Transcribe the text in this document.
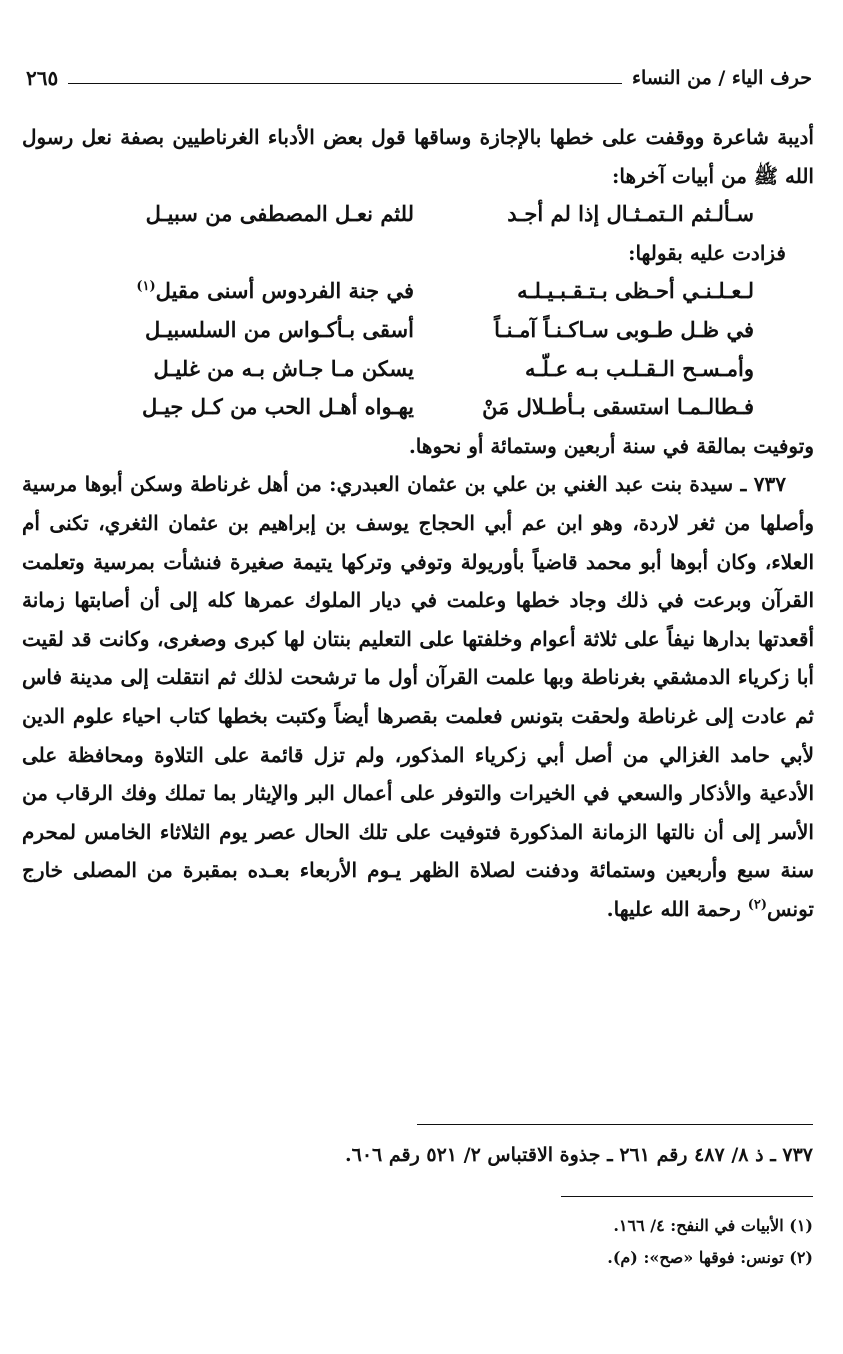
حرف الياء / من النساء
٢٦٥

أديبة شاعرة ووقفت على خطها بالإجازة وساقها قول بعض الأدباء الغرناطيين بصفة نعل رسول الله ﷺ من أبيات آخرها:

سـألـثم الـتمـثـال إذا لم أجـد
للثم نعـل المصطفى من سبيـل

فزادت عليه بقولها:

لـعـلـنـي أحـظى بـتـقـبـيـلـه
في جنة الفردوس أسنى مقيل$^{(١)}$
في ظـل طـوبى سـاكـنـاً آمـنـاً
أسقى بـأكـواس من السلسبيـل
وأمـسـح الـقـلـب بـه عـلّـه
يسكن مـا جـاش بـه من غليـل
فـطالـمـا استسقى بـأطـلال مَنْ
يهـواه أهـل الحب من كـل جيـل

وتوفيت بمالقة في سنة أربعين وستمائة أو نحوها.

٧٣٧ ـ سيدة بنت عبد الغني بن علي بن عثمان العبدري: من أهل غرناطة وسكن أبوها مرسية وأصلها من ثغر لاردة، وهو ابن عم أبي الحجاج يوسف بن إبراهيم بن عثمان الثغري، تكنى أم العلاء، وكان أبوها أبو محمد قاضياً بأوريولة وتوفي وتركها يتيمة صغيرة فنشأت بمرسية وتعلمت القرآن وبرعت في ذلك وجاد خطها وعلمت في ديار الملوك عمرها كله إلى أن أصابتها زمانة أقعدتها بدارها نيفاً على ثلاثة أعوام وخلفتها على التعليم بنتان لها كبرى وصغرى، وكانت قد لقيت أبا زكرياء الدمشقي بغرناطة وبها علمت القرآن أول ما ترشحت لذلك ثم انتقلت إلى مدينة فاس ثم عادت إلى غرناطة ولحقت بتونس فعلمت بقصرها أيضاً وكتبت بخطها كتاب احياء علوم الدين لأبي حامد الغزالي من أصل أبي زكرياء المذكور، ولم تزل قائمة على التلاوة ومحافظة على الأدعية والأذكار والسعي في الخيرات والتوفر على أعمال البر والإيثار بما تملك وفك الرقاب من الأسر إلى أن نالتها الزمانة المذكورة فتوفيت على تلك الحال عصر يوم الثلاثاء الخامس لمحرم سنة سبع وأربعين وستمائة ودفنت لصلاة الظهر يـوم الأربعاء بعـده بمقبرة من المصلى خارج تونس$^{(٢)}$ رحمة الله عليها.

٧٣٧ ـ ذ ٨/ ٤٨٧ رقم ٢٦١ ـ جذوة الاقتباس ٢/ ٥٢١ رقم ٦٠٦.
(١) الأبيات في النفح: ٤/ ١٦٦.
(٢) تونس: فوقها «صح»: (م).
